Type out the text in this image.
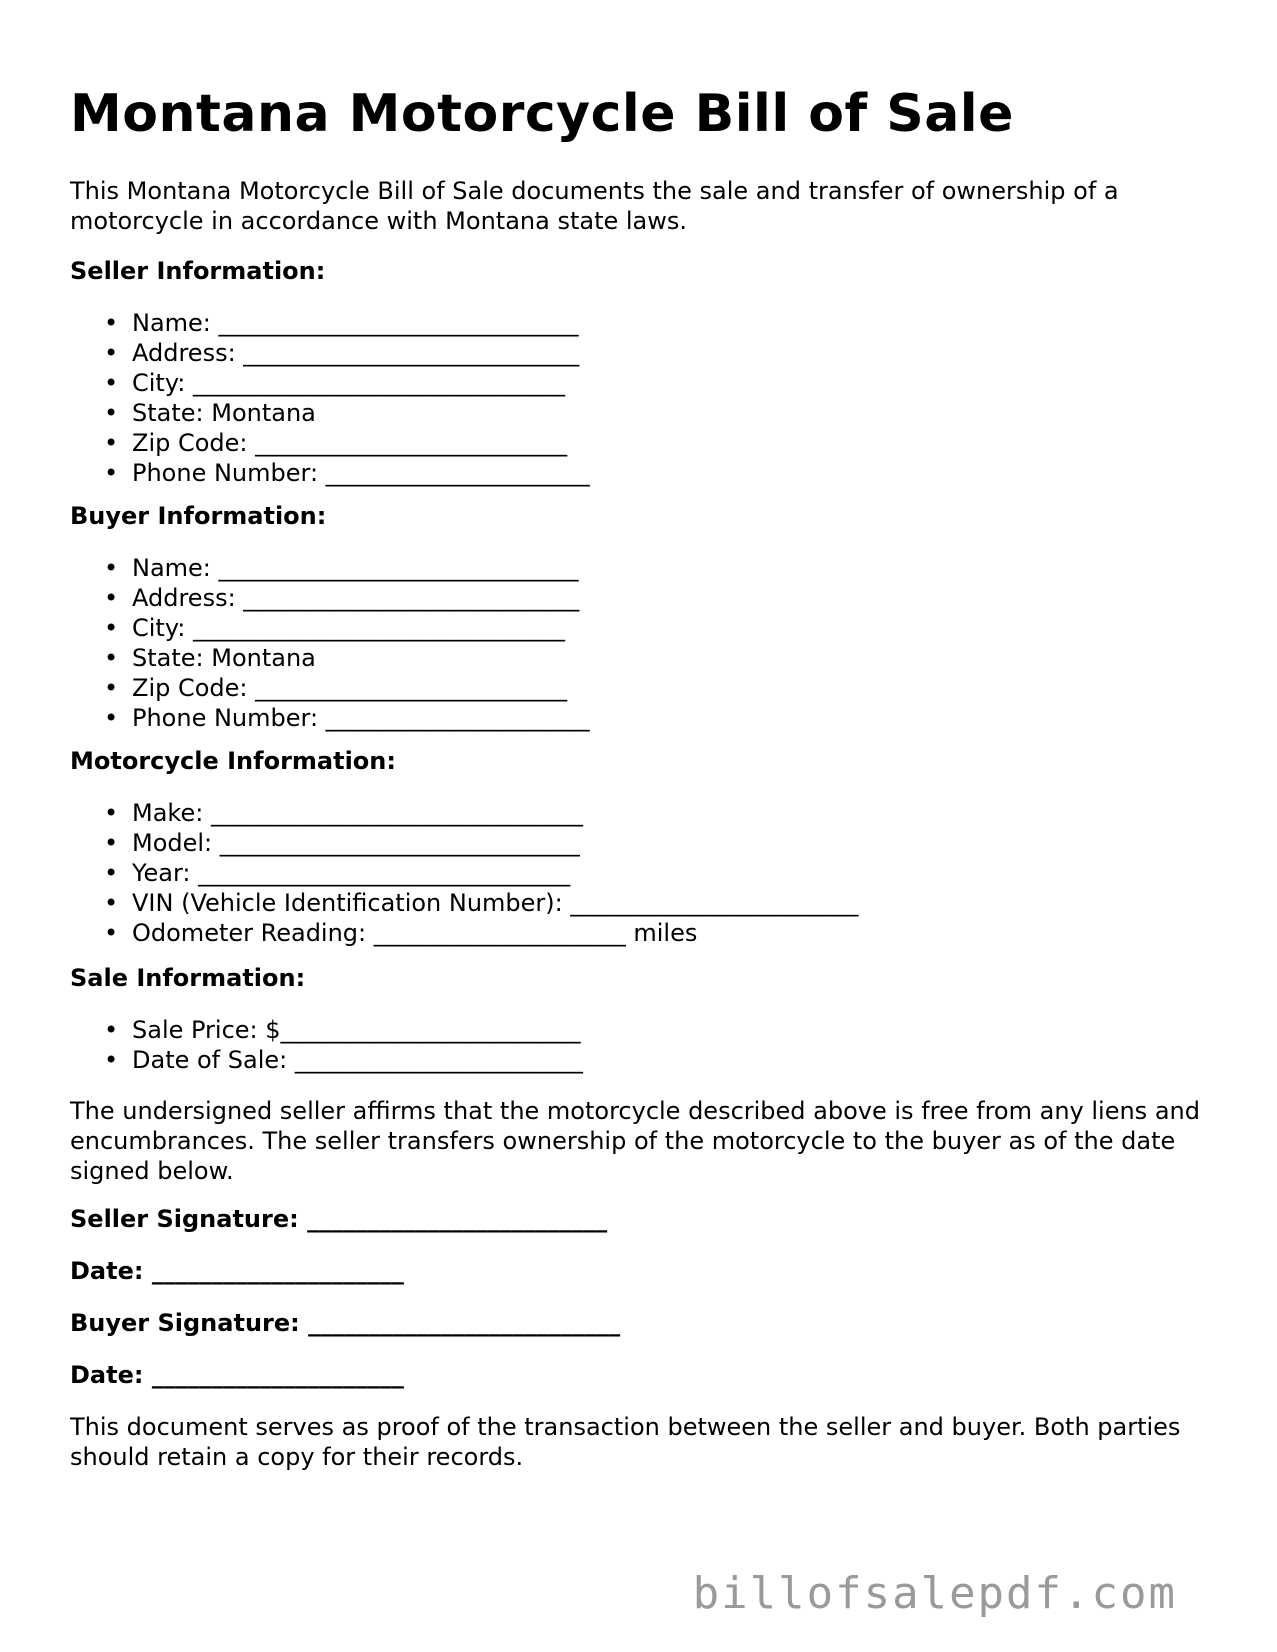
Montana Motorcycle Bill of Sale

This Montana Motorcycle Bill of Sale documents the sale and transfer of ownership of a motorcycle in accordance with Montana state laws.

Seller Information:

• Name: ______________________________
• Address: ____________________________
• City: _______________________________
• State: Montana
• Zip Code: __________________________
• Phone Number: ______________________

Buyer Information:

• Name: ______________________________
• Address: ____________________________
• City: _______________________________
• State: Montana
• Zip Code: __________________________
• Phone Number: ______________________

Motorcycle Information:

• Make: _______________________________
• Model: ______________________________
• Year: _______________________________
• VIN (Vehicle Identification Number): ________________________
• Odometer Reading: _____________________ miles

Sale Information:

• Sale Price: $_________________________
• Date of Sale: ________________________

The undersigned seller affirms that the motorcycle described above is free from any liens and encumbrances. The seller transfers ownership of the motorcycle to the buyer as of the date signed below.

Seller Signature: _________________________

Date: _____________________

Buyer Signature: __________________________

Date: _____________________

This document serves as proof of the transaction between the seller and buyer. Both parties should retain a copy for their records.

billofsalepdf.com
